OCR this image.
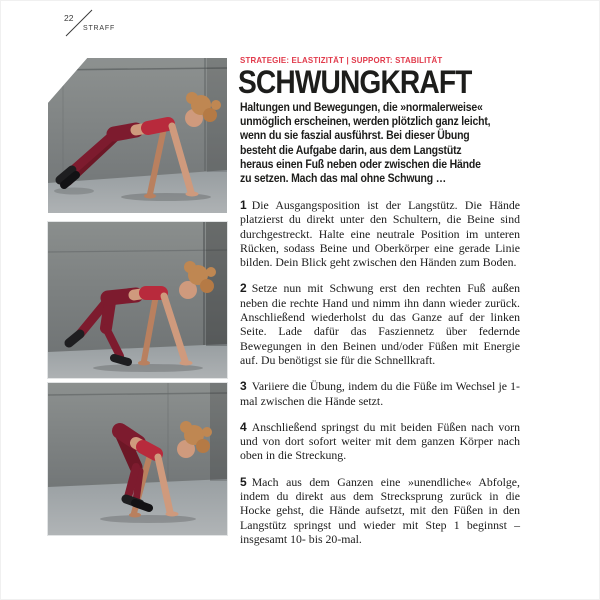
22
STRAFF
STRATEGIE: ELASTIZITÄT | SUPPORT: STABILITÄT
SCHWUNGKRAFT
Haltungen und Bewegungen, die »normalerweise« unmöglich erscheinen, werden plötzlich ganz leicht, wenn du sie faszial ausführst. Bei dieser Übung besteht die Aufgabe darin, aus dem Langstütz heraus einen Fuß neben oder zwischen die Hände zu setzen. Mach das mal ohne Schwung …

1 Die Ausgangsposition ist der Langstütz. Die Hände platzierst du direkt unter den Schultern, die Beine sind durchgestreckt. Halte eine neutrale Position im unteren Rücken, sodass Beine und Oberkörper eine gerade Linie bilden. Dein Blick geht zwischen den Händen zum Boden.

2 Setze nun mit Schwung erst den rechten Fuß außen neben die rechte Hand und nimm ihn dann wieder zurück. Anschließend wiederholst du das Ganze auf der linken Seite. Lade dafür das Fasziennetz über federnde Bewegungen in den Beinen und/oder Füßen mit Energie auf. Du benötigst sie für die Schnellkraft.

3 Variiere die Übung, indem du die Füße im Wechsel je 1-mal zwischen die Hände setzt.

4 Anschließend springst du mit beiden Füßen nach vorn und von dort sofort weiter mit dem ganzen Körper nach oben in die Streckung.

5 Mach aus dem Ganzen eine »unendliche« Abfolge, indem du direkt aus dem Strecksprung zurück in die Hocke gehst, die Hände aufsetzt, mit den Füßen in den Langstütz springst und wieder mit Step 1 beginnst – insgesamt 10- bis 20-mal.
